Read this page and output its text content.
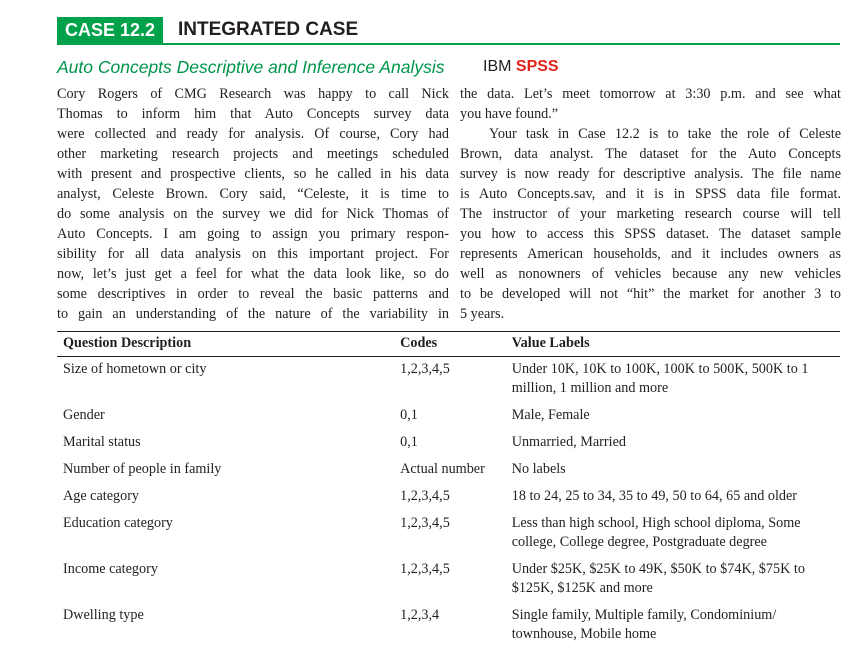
CASE 12.2	INTEGRATED CASE
Auto Concepts Descriptive and Inference Analysis IBM SPSS

Cory Rogers of CMG Research was happy to call Nick
Thomas to inform him that Auto Concepts survey data
were collected and ready for analysis. Of course, Cory had
other marketing research projects and meetings scheduled
with present and prospective clients, so he called in his data
analyst, Celeste Brown. Cory said, “Celeste, it is time to
do some analysis on the survey we did for Nick Thomas of
Auto Concepts. I am going to assign you primary respon-
sibility for all data analysis on this important project. For
now, let’s just get a feel for what the data look like, so do
some descriptives in order to reveal the basic patterns and
to gain an understanding of the nature of the variability in

the data. Let’s meet tomorrow at 3:30 p.m. and see what
you have found.”

Your task in Case 12.2 is to take the role of Celeste
Brown, data analyst. The dataset for the Auto Concepts
survey is now ready for descriptive analysis. The file name
is Auto Concepts.sav, and it is in SPSS data file format.
The instructor of your marketing research course will tell
you how to access this SPSS dataset. The dataset sample
represents American households, and it includes owners as
well as nonowners of vehicles because any new vehicles
to be developed will not “hit” the market for another 3 to
5 years.

Question Description	Codes	Value Labels
Size of hometown or city	1,2,3,4,5	Under 10K, 10K to 100K, 100K to 500K, 500K to 1 million, 1 million and more
Gender	0,1	Male, Female
Marital status	0,1	Unmarried, Married
Number of people in family	Actual number	No labels
Age category	1,2,3,4,5	18 to 24, 25 to 34, 35 to 49, 50 to 64, 65 and older
Education category	1,2,3,4,5	Less than high school, High school diploma, Some college, College degree, Postgraduate degree
Income category	1,2,3,4,5	Under $25K, $25K to 49K, $50K to $74K, $75K to $125K, $125K and more
Dwelling type	1,2,3,4	Single family, Multiple family, Condominium/ townhouse, Mobile home
